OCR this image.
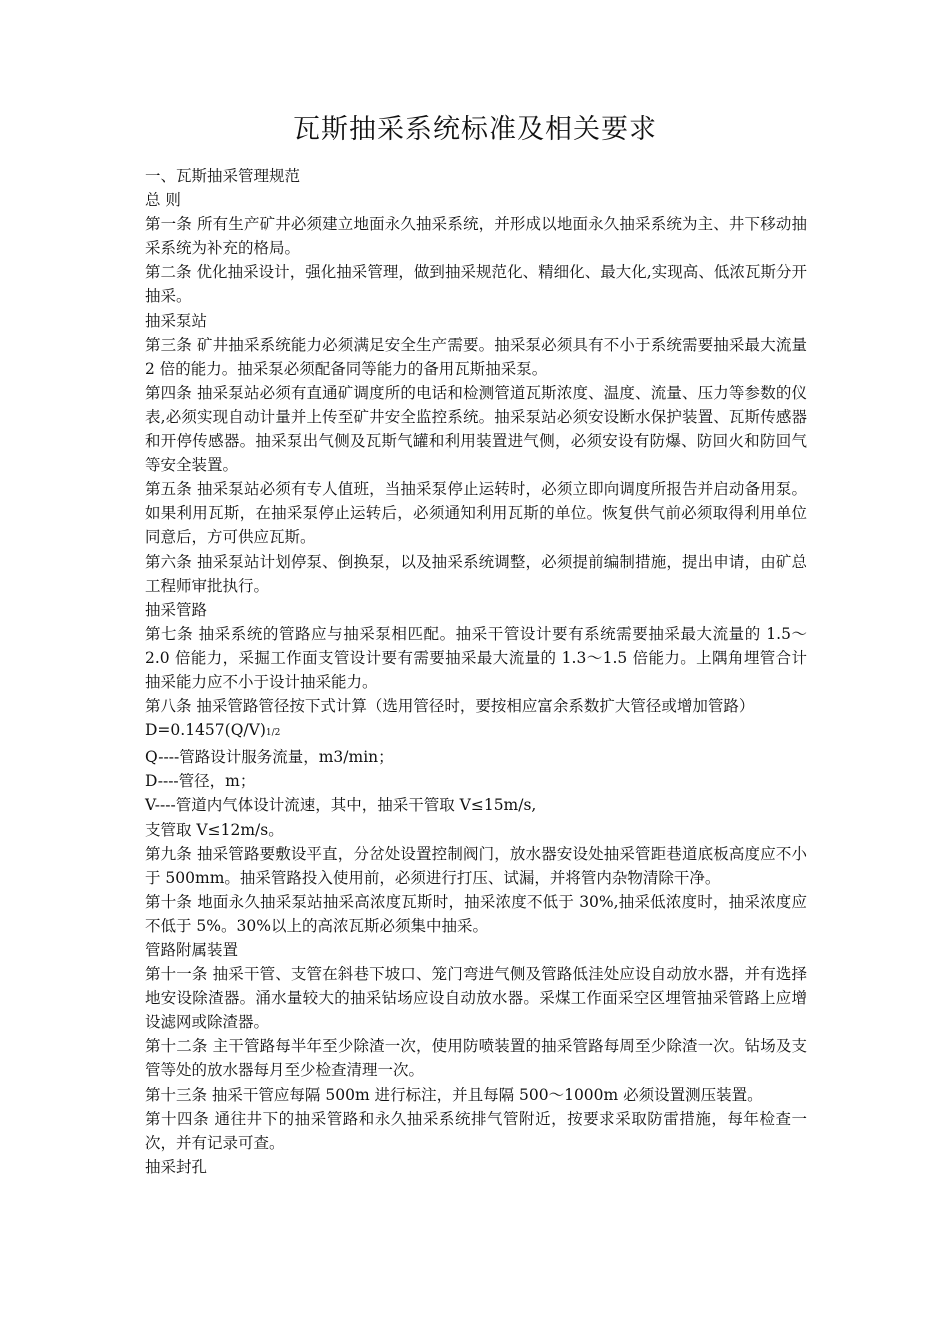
瓦斯抽采系统标准及相关要求

一、瓦斯抽采管理规范

总 则

第一条 所有生产矿井必须建立地面永久抽采系统，并形成以地面永久抽采系统为主、井下移动抽采系统为补充的格局。

第二条 优化抽采设计，强化抽采管理，做到抽采规范化、精细化、最大化,实现高、低浓瓦斯分开抽采。

抽采泵站

第三条 矿井抽采系统能力必须满足安全生产需要。抽采泵必须具有不小于系统需要抽采最大流量 2 倍的能力。抽采泵必须配备同等能力的备用瓦斯抽采泵。

第四条 抽采泵站必须有直通矿调度所的电话和检测管道瓦斯浓度、温度、流量、压力等参数的仪表,必须实现自动计量并上传至矿井安全监控系统。抽采泵站必须安设断水保护装置、瓦斯传感器和开停传感器。抽采泵出气侧及瓦斯气罐和利用装置进气侧，必须安设有防爆、防回火和防回气等安全装置。

第五条 抽采泵站必须有专人值班，当抽采泵停止运转时，必须立即向调度所报告并启动备用泵。如果利用瓦斯，在抽采泵停止运转后，必须通知利用瓦斯的单位。恢复供气前必须取得利用单位同意后，方可供应瓦斯。

第六条 抽采泵站计划停泵、倒换泵，以及抽采系统调整，必须提前编制措施，提出申请，由矿总工程师审批执行。

抽采管路

第七条 抽采系统的管路应与抽采泵相匹配。抽采干管设计要有系统需要抽采最大流量的 1.5～2.0 倍能力，采掘工作面支管设计要有需要抽采最大流量的 1.3～1.5 倍能力。上隅角埋管合计抽采能力应不小于设计抽采能力。

第八条 抽采管路管径按下式计算（选用管径时，要按相应富余系数扩大管径或增加管路）

D=0.1457(Q/V)1/2

Q----管路设计服务流量，m3/min；

D----管径，m；

V----管道内气体设计流速，其中，抽采干管取 V≤15m/s,

支管取 V≤12m/s。

第九条 抽采管路要敷设平直，分岔处设置控制阀门，放水器安设处抽采管距巷道底板高度应不小于 500mm。抽采管路投入使用前，必须进行打压、试漏，并将管内杂物清除干净。

第十条 地面永久抽采泵站抽采高浓度瓦斯时，抽采浓度不低于 30%,抽采低浓度时，抽采浓度应不低于 5%。30%以上的高浓瓦斯必须集中抽采。

管路附属装置

第十一条 抽采干管、支管在斜巷下坡口、笼门弯进气侧及管路低洼处应设自动放水器，并有选择地安设除渣器。涌水量较大的抽采钻场应设自动放水器。采煤工作面采空区埋管抽采管路上应增设滤网或除渣器。

第十二条 主干管路每半年至少除渣一次，使用防喷装置的抽采管路每周至少除渣一次。钻场及支管等处的放水器每月至少检查清理一次。

第十三条 抽采干管应每隔 500m 进行标注，并且每隔 500～1000m 必须设置测压装置。

第十四条 通往井下的抽采管路和永久抽采系统排气管附近，按要求采取防雷措施，每年检查一次，并有记录可查。

抽采封孔
